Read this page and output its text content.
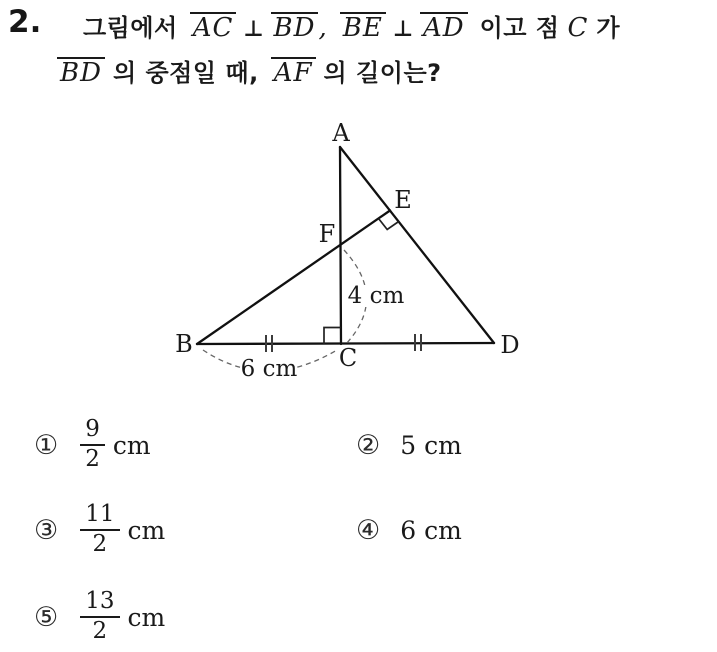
2. 그림에서 AC ⊥ BD , BE ⊥ AD 이고 점 C 가
BD 의 중점일 때, AF 의 길이는?
A
B	C	D
E
F
4 cm
6 cm
① $\frac{9}{2}$ cm	② 5 cm
③ $\frac{11}{2}$ cm	④ 6 cm
⑤ $\frac{13}{2}$ cm
